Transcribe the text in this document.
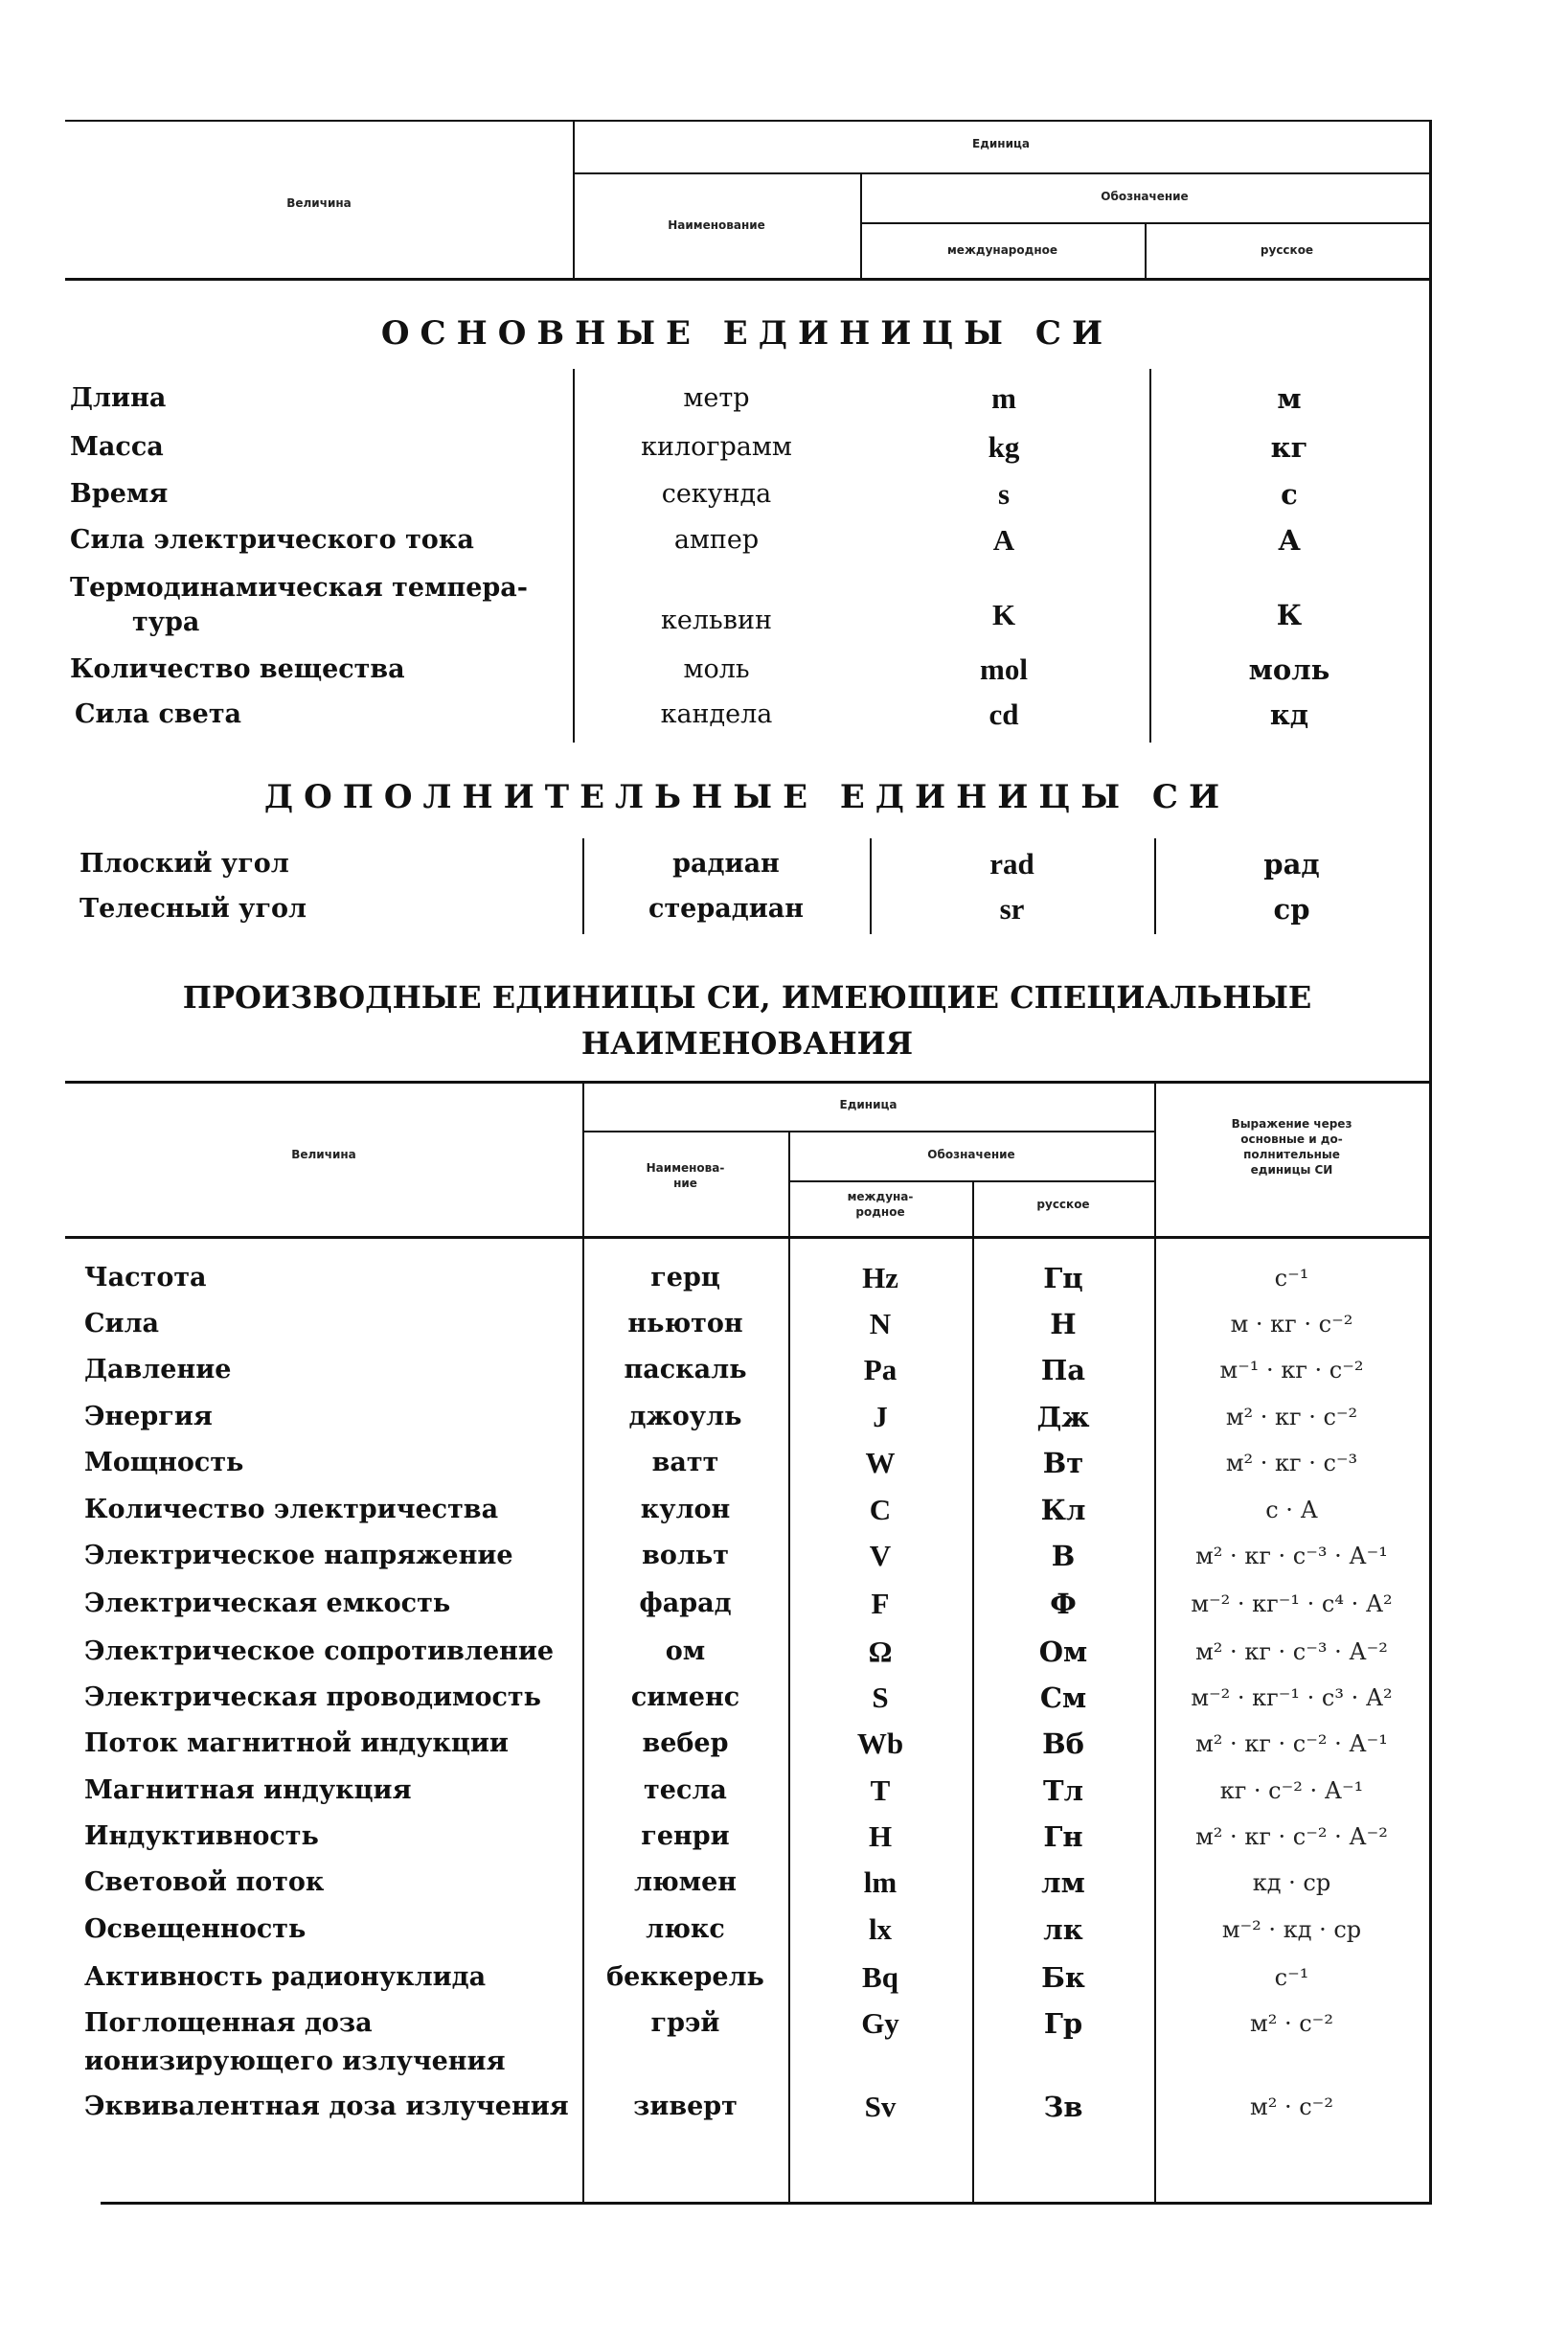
Величина
Единица
Наименование
Обозначение
международное	русское
ОСНОВНЫЕ ЕДИНИЦЫ СИ
Длина	метр	m	м
Масса	килограмм	kg	кг
Время	секунда	s	с
Сила электрического тока	ампер	A	А
Термодинамическая темпера-
тура	кельвин	K	К
Количество вещества	моль	mol	моль
Сила света	кандела	cd	кд
ДОПОЛНИТЕЛЬНЫЕ ЕДИНИЦЫ СИ
Плоский угол	радиан	rad	рад
Телесный угол	стерадиан	sr	ср
ПРОИЗВОДНЫЕ ЕДИНИЦЫ СИ, ИМЕЮЩИЕ СПЕЦИАЛЬНЫЕ
НАИМЕНОВАНИЯ
Величина
Единица
Наименова-
ние
Обозначение
междуна-
родное
русское
Выражение через
основные и до-
полнительные
единицы СИ
Частота	герц	Hz	Гц	с⁻¹
Сила	ньютон	N	Н	м · кг · с⁻²
Давление	паскаль	Pa	Па	м⁻¹ · кг · с⁻²
Энергия	джоуль	J	Дж	м² · кг · с⁻²
Мощность	ватт	W	Вт	м² · кг · с⁻³
Количество электричества	кулон	C	Кл	с · А
Электрическое напряжение	вольт	V	В	м² · кг · с⁻³ · А⁻¹
Электрическая емкость	фарад	F	Ф	м⁻² · кг⁻¹ · с⁴ · А²
Электрическое сопротивление	ом	Ω	Ом	м² · кг · с⁻³ · А⁻²
Электрическая проводимость	сименс	S	См	м⁻² · кг⁻¹ · с³ · А²
Поток магнитной индукции	вебер	Wb	Вб	м² · кг · с⁻² · А⁻¹
Магнитная индукция	тесла	T	Тл	кг · с⁻² · А⁻¹
Индуктивность	генри	H	Гн	м² · кг · с⁻² · А⁻²
Световой поток	люмен	lm	лм	кд · ср
Освещенность	люкс	lx	лк	м⁻² · кд · ср
Активность радионуклида	беккерель	Bq	Бк	с⁻¹
Поглощенная доза
ионизирующего излучения
грэй	Gy	Гр	м² · с⁻²
Эквивалентная доза излучения	зиверт	Sv	Зв	м² · с⁻²
